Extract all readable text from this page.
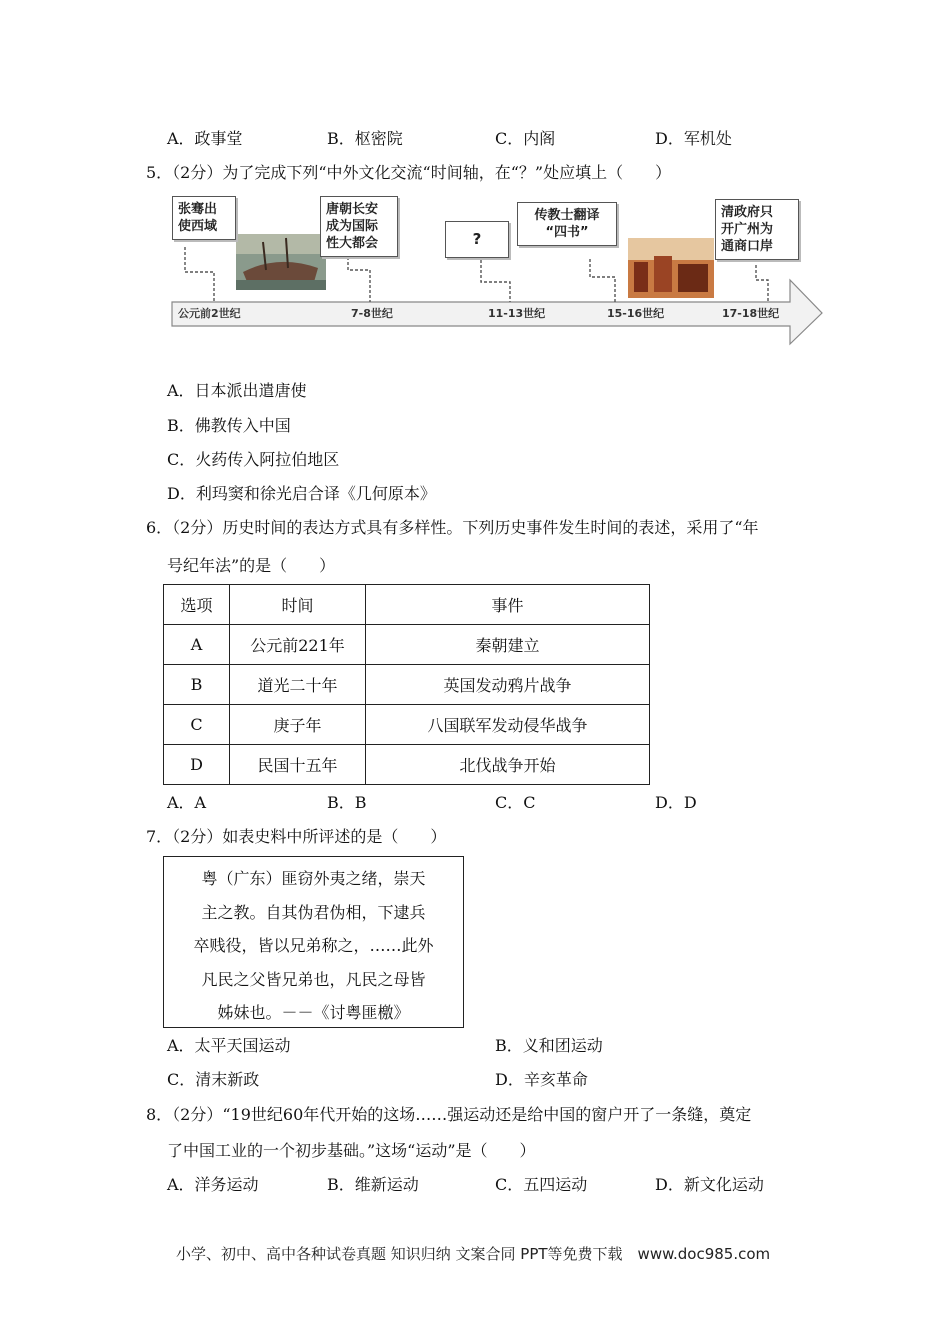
A．政事堂	B．枢密院	C．内阁	D．军机处
5．（2分）为了完成下列“中外文化交流“时间轴，在“？”处应填上（　　）
公元前2世纪	7-8世纪	11-13世纪	15-16世纪	17-18世纪
张骞出
使西域
唐朝长安
成为国际
性大都会	?
传教士翻译
“四书”
清政府只
开广州为
通商口岸
A．日本派出遣唐使
B．佛教传入中国
C．火药传入阿拉伯地区
D．利玛窦和徐光启合译《几何原本》
6．（2分）历史时间的表达方式具有多样性。下列历史事件发生时间的表述，采用了“年
号纪年法”的是（　　）
选项	时间	事件
A	公元前221年	秦朝建立
B	道光二十年	英国发动鸦片战争
C	庚子年	八国联军发动侵华战争
D	民国十五年	北伐战争开始
A．A	B．B	C．C	D．D
7．（2分）如表史料中所评述的是（　　）
粤（广东）匪窃外夷之绪，崇天
主之教。自其伪君伪相，下逮兵
卒贱役，皆以兄弟称之，……此外
凡民之父皆兄弟也，凡民之母皆
姊妹也。－－《讨粤匪檄》
A．太平天国运动	B．义和团运动
C．清末新政	D．辛亥革命
8．（2分）“19世纪60年代开始的这场……强运动还是给中国的窗户开了一条缝，奠定
了中国工业的一个初步基础。”这场“运动”是（　　）
A．洋务运动	B．维新运动	C．五四运动	D．新文化运动
小学、初中、高中各种试卷真题 知识归纳 文案合同 PPT等免费下载　www.doc985.com
